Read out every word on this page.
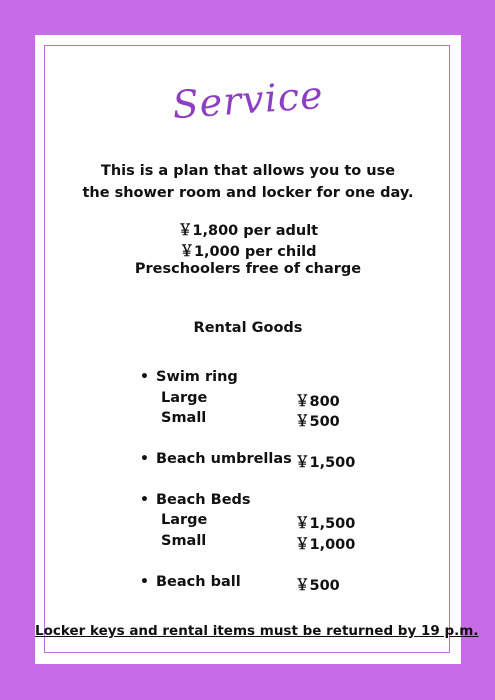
Service
This is a plan that allows you to use
the shower room and locker for one day.
￥1,800 per adult
￥1,000 per child
Preschoolers free of charge
Rental Goods
• Swim ring
Large	￥800
Small	￥500
• Beach umbrellas ￥1,500
• Beach Beds
Large	￥1,500
Small	￥1,000
• Beach ball	￥500
Locker keys and rental items must be returned by 19 p.m.
